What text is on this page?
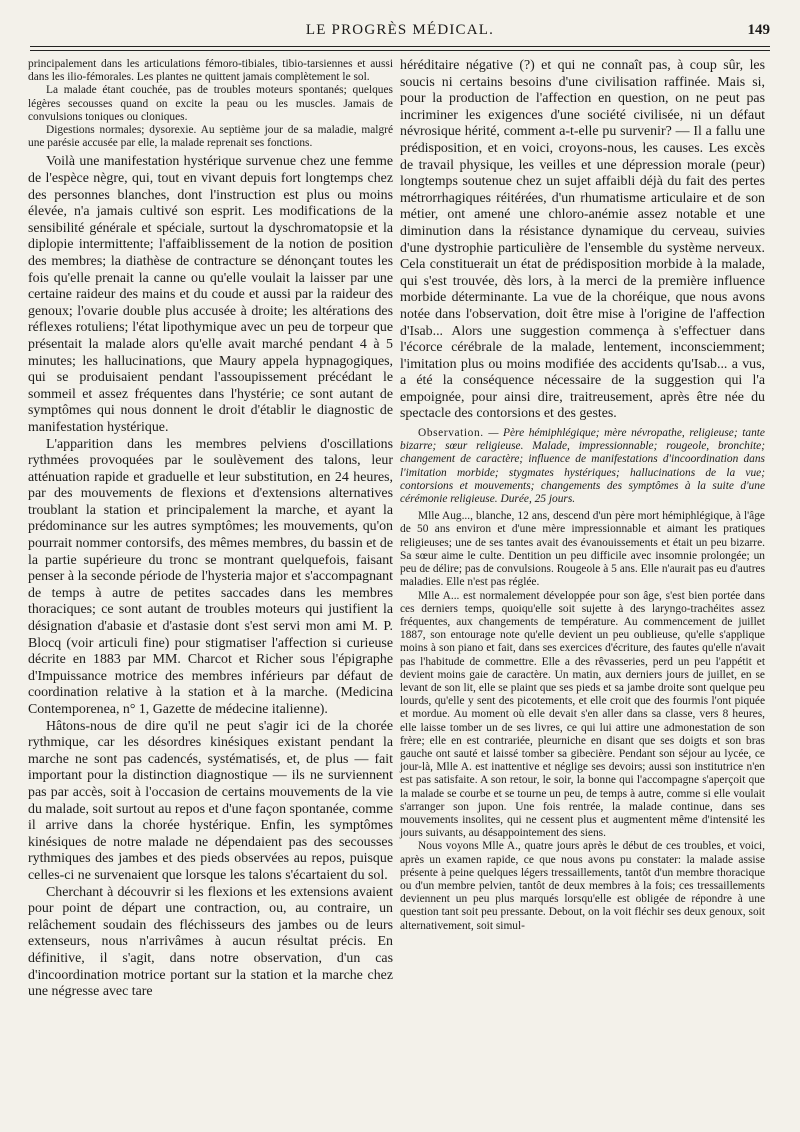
LE PROGRÈS MÉDICAL.	149

principalement dans les articulations fémoro-tibiales, tibio-tarsiennes et aussi dans les ilio-fémorales. Les plantes ne quittent jamais complètement le sol.

La malade étant couchée, pas de troubles moteurs spontanés; quelques légères secousses quand on excite la peau ou les muscles. Jamais de convulsions toniques ou cloniques.

Digestions normales; dysorexie. Au septième jour de sa maladie, malgré une parésie accusée par elle, la malade reprenait ses fonctions.

Voilà une manifestation hystérique survenue chez une femme de l'espèce nègre, qui, tout en vivant depuis fort longtemps chez des personnes blanches, dont l'instruction est plus ou moins élevée, n'a jamais cultivé son esprit. Les modifications de la sensibilité générale et spéciale, surtout la dyschromatopsie et la diplopie intermittente; l'affaiblissement de la notion de position des membres; la diathèse de contracture se dénonçant toutes les fois qu'elle prenait la canne ou qu'elle voulait la laisser par une certaine raideur des mains et du coude et aussi par la raideur des genoux; l'ovarie double plus accusée à droite; les altérations des réflexes rotuliens; l'état lipothymique avec un peu de torpeur que présentait la malade alors qu'elle avait marché pendant 4 à 5 minutes; les hallucinations, que Maury appela hypnagogiques, qui se produisaient pendant l'assoupissement précédant le sommeil et assez fréquentes dans l'hystérie; ce sont autant de symptômes qui nous donnent le droit d'établir le diagnostic de manifestation hystérique.

L'apparition dans les membres pelviens d'oscillations rythmées provoquées par le soulèvement des talons, leur atténuation rapide et graduelle et leur substitution, en 24 heures, par des mouvements de flexions et d'extensions alternatives troublant la station et principalement la marche, et ayant la prédominance sur les autres symptômes; les mouvements, qu'on pourrait nommer contorsifs, des mêmes membres, du bassin et de la partie supérieure du tronc se montrant quelquefois, faisant penser à la seconde période de l'hysteria major et s'accompagnant de temps à autre de petites saccades dans les membres thoraciques; ce sont autant de troubles moteurs qui justifient la désignation d'abasie et d'astasie dont s'est servi mon ami M. P. Blocq (voir articuli fine) pour stigmatiser l'affection si curieuse décrite en 1883 par MM. Charcot et Richer sous l'épigraphe d'Impuissance motrice des membres inférieurs par défaut de coordination relative à la station et à la marche. (Medicina Contemporenea, n° 1, Gazette de médecine italienne).

Hâtons-nous de dire qu'il ne peut s'agir ici de la chorée rythmique, car les désordres kinésiques existant pendant la marche ne sont pas cadencés, systématisés, et, de plus — fait important pour la distinction diagnostique — ils ne surviennent pas par accès, soit à l'occasion de certains mouvements de la vie du malade, soit surtout au repos et d'une façon spontanée, comme il arrive dans la chorée hystérique. Enfin, les symptômes kinésiques de notre malade ne dépendaient pas des secousses rythmiques des jambes et des pieds observées au repos, puisque celles-ci ne survenaient que lorsque les talons s'écartaient du sol.

Cherchant à découvrir si les flexions et les extensions avaient pour point de départ une contraction, ou, au contraire, un relâchement soudain des fléchisseurs des jambes ou de leurs extenseurs, nous n'arrivâmes à aucun résultat précis. En définitive, il s'agit, dans notre observation, d'un cas d'incoordination motrice portant sur la station et la marche chez une négresse avec tare

héréditaire négative (?) et qui ne connaît pas, à coup sûr, les soucis ni certains besoins d'une civilisation raffinée. Mais si, pour la production de l'affection en question, on ne peut pas incriminer les exigences d'une société civilisée, ni un défaut névrosique hérité, comment a-t-elle pu survenir? — Il a fallu une prédisposition, et en voici, croyons-nous, les causes. Les excès de travail physique, les veilles et une dépression morale (peur) longtemps soutenue chez un sujet affaibli déjà du fait des pertes métrorrhagiques réitérées, d'un rhumatisme articulaire et de son métier, ont amené une chloro-anémie assez notable et une diminution dans la résistance dynamique du cerveau, suivies d'une dystrophie particulière de l'ensemble du système nerveux. Cela constituerait un état de prédisposition morbide à la malade, qui s'est trouvée, dès lors, à la merci de la première influence morbide déterminante. La vue de la choréique, que nous avons notée dans l'observation, doit être mise à l'origine de l'affection d'Isab... Alors une suggestion commença à s'effectuer dans l'écorce cérébrale de la malade, lentement, inconsciemment; l'imitation plus ou moins modifiée des accidents qu'Isab... a vus, a été la conséquence nécessaire de la suggestion qui l'a empoignée, pour ainsi dire, traitreusement, après être née du spectacle des contorsions et des gestes.

Observation. — Père hémiphlégique; mère névropathe, religieuse; tante bizarre; sœur religieuse. Malade, impressionnable; rougeole, bronchite; changement de caractère; influence de manifestations d'incoordination dans l'imitation morbide; stygmates hystériques; hallucinations de la vue; contorsions et mouvements; changements des symptômes à la suite d'une cérémonie religieuse. Durée, 25 jours.

Mlle Aug..., blanche, 12 ans, descend d'un père mort hémiphlégique, à l'âge de 50 ans environ et d'une mère impressionnable et aimant les pratiques religieuses; une de ses tantes avait des évanouissements et était un peu bizarre. Sa sœur aime le culte. Dentition un peu difficile avec insomnie prolongée; un peu de délire; pas de convulsions. Rougeole à 5 ans. Elle n'aurait pas eu d'autres maladies. Elle n'est pas réglée.

Mlle A... est normalement développée pour son âge, s'est bien portée dans ces derniers temps, quoiqu'elle soit sujette à des laryngo-trachéites assez fréquentes, aux changements de température. Au commencement de juillet 1887, son entourage note qu'elle devient un peu oublieuse, qu'elle s'applique moins à son piano et fait, dans ses exercices d'écriture, des fautes qu'elle n'avait pas l'habitude de commettre. Elle a des rêvasseries, perd un peu l'appétit et devient moins gaie de caractère. Un matin, aux derniers jours de juillet, en se levant de son lit, elle se plaint que ses pieds et sa jambe droite sont quelque peu lourds, qu'elle y sent des picotements, et elle croit que des fourmis l'ont piquée et mordue. Au moment où elle devait s'en aller dans sa classe, vers 8 heures, elle laisse tomber un de ses livres, ce qui lui attire une admonestation de son frère; elle en est contrariée, pleurniche en disant que ses doigts et son bras gauche ont sauté et laissé tomber sa gibecière. Pendant son séjour au lycée, ce jour-là, Mlle A. est inattentive et néglige ses devoirs; aussi son institutrice n'en est pas satisfaite. A son retour, le soir, la bonne qui l'accompagne s'aperçoit que la malade se courbe et se tourne un peu, de temps à autre, comme si elle voulait s'arranger son jupon. Une fois rentrée, la malade continue, dans ses mouvements insolites, qui ne cessent plus et augmentent même d'intensité les jours suivants, au désappointement des siens.

Nous voyons Mlle A., quatre jours après le début de ces troubles, et voici, après un examen rapide, ce que nous avons pu constater: la malade assise présente à peine quelques légers tressaillements, tantôt d'un membre thoracique ou d'un membre pelvien, tantôt de deux membres à la fois; ces tressaillements deviennent un peu plus marqués lorsqu'elle est obligée de répondre à une question tant soit peu pressante. Debout, on la voit fléchir ses deux genoux, soit alternativement, soit simul-
